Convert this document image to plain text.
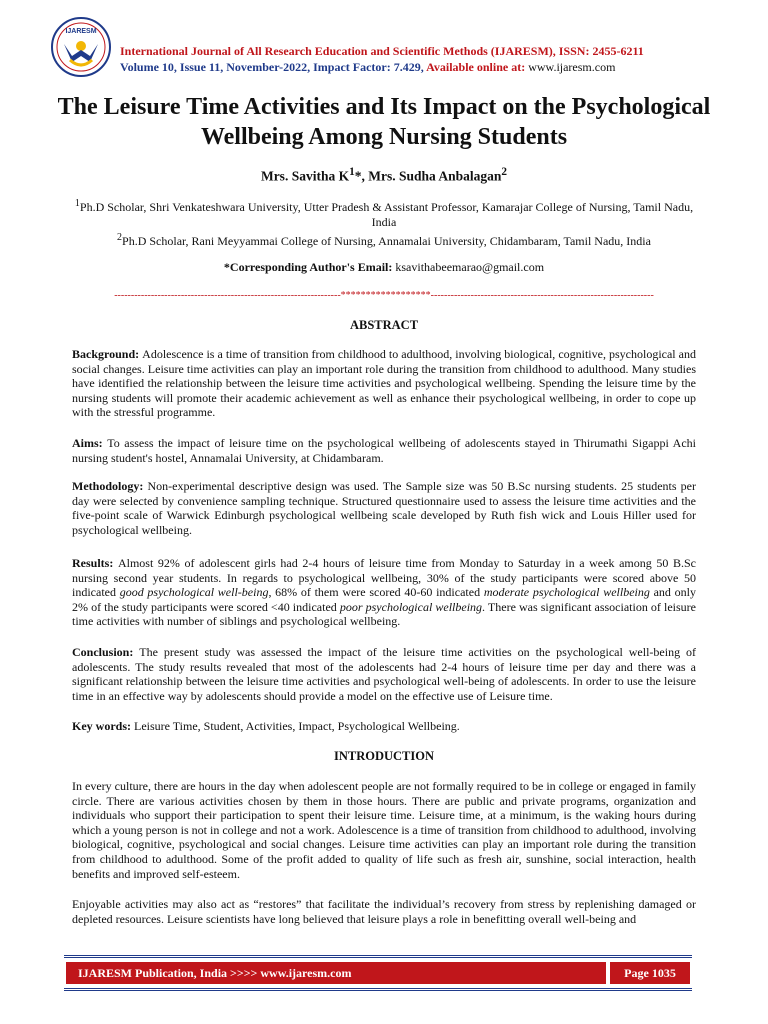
IJARESM
International Journal of All Research Education and Scientific Methods (IJARESM), ISSN: 2455-6211
Volume 10, Issue 11, November-2022, Impact Factor: 7.429, Available online at: www.ijaresm.com
The Leisure Time Activities and Its Impact on the Psychological Wellbeing Among Nursing Students
Mrs. Savitha $K^1*$, Mrs. Sudha Anbalagan$^2$
$^1$Ph.D Scholar, Shri Venkateshwara University, Utter Pradesh & Assistant Professor, Kamarajar College of Nursing, Tamil Nadu, India
$^2$Ph.D Scholar, Rani Meyyammai College of Nursing, Annamalai University, Chidambaram, Tamil Nadu, India
*Corresponding Author's Email: ksavithabeemarao@gmail.com
--------------------------------------------------------------------******************-------------------------------------------------------------------
ABSTRACT
Background: Adolescence is a time of transition from childhood to adulthood, involving biological, cognitive, psychological and social changes. Leisure time activities can play an important role during the transition from childhood to adulthood. Many studies have identified the relationship between the leisure time activities and psychological wellbeing. Spending the leisure time by the nursing students will promote their academic achievement as well as enhance their psychological wellbeing, in order to cope up with the stressful programme.
Aims: To assess the impact of leisure time on the psychological wellbeing of adolescents stayed in Thirumathi Sigappi Achi nursing student's hostel, Annamalai University, at Chidambaram.
Methodology: Non-experimental descriptive design was used. The Sample size was 50 B.Sc nursing students. 25 students per day were selected by convenience sampling technique. Structured questionnaire used to assess the leisure time activities and the five-point scale of Warwick Edinburgh psychological wellbeing scale developed by Ruth fish wick and Louis Hiller used for psychological wellbeing.
Results: Almost 92% of adolescent girls had 2-4 hours of leisure time from Monday to Saturday in a week among 50 B.Sc nursing second year students. In regards to psychological wellbeing, 30% of the study participants were scored above 50 indicated good psychological well-being, 68% of them were scored 40-60 indicated moderate psychological wellbeing and only 2% of the study participants were scored <40 indicated poor psychological wellbeing. There was significant association of leisure time activities with number of siblings and psychological wellbeing.
Conclusion: The present study was assessed the impact of the leisure time activities on the psychological well-being of adolescents. The study results revealed that most of the adolescents had 2-4 hours of leisure time per day and there was a significant relationship between the leisure time activities and psychological well-being of adolescents. In order to use the leisure time in an effective way by adolescents should provide a model on the effective use of Leisure time.
Key words: Leisure Time, Student, Activities, Impact, Psychological Wellbeing.
INTRODUCTION
In every culture, there are hours in the day when adolescent people are not formally required to be in college or engaged in family circle. There are various activities chosen by them in those hours. There are public and private programs, organization and individuals who support their participation to spent their leisure time. Leisure time, at a minimum, is the waking hours during which a young person is not in college and not a work. Adolescence is a time of transition from childhood to adulthood, involving biological, cognitive, psychological and social changes. Leisure time activities can play an important role during the transition from childhood to adulthood. Some of the profit added to quality of life such as fresh air, sunshine, social interaction, health benefits and improved self-esteem.
Enjoyable activities may also act as “restores” that facilitate the individual’s recovery from stress by replenishing damaged or depleted resources. Leisure scientists have long believed that leisure plays a role in benefitting overall well-being and
IJARESM Publication, India >>>> www.ijaresm.com	Page 1035
